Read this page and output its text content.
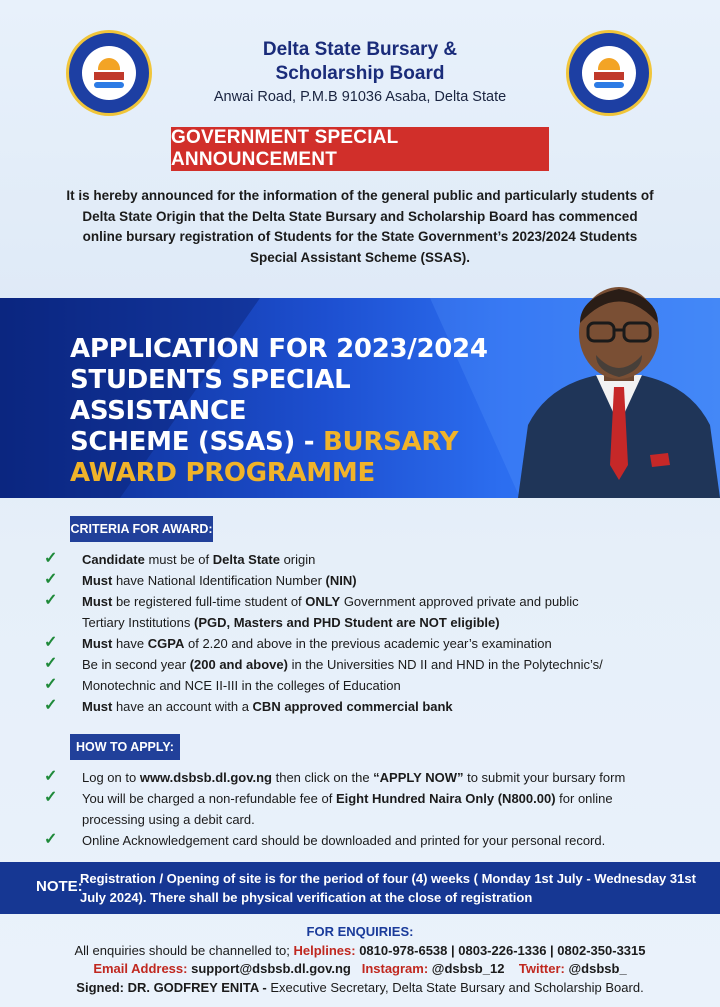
DSBSB
Delta State Bursary &
Scholarship Board
Anwai Road, P.M.B 91036 Asaba, Delta State
GOVERNMENT SPECIAL ANNOUNCEMENT
It is hereby announced for the information of the general public and particularly students of Delta State Origin that the Delta State Bursary and Scholarship Board has commenced online bursary registration of Students for the State Government’s 2023/2024 Students Special Assistant Scheme (SSAS).
APPLICATION FOR 2023/2024
STUDENTS SPECIAL ASSISTANCE
SCHEME (SSAS) - BURSARY
AWARD PROGRAMME
CRITERIA FOR AWARD:
✓ Candidate must be of Delta State origin
✓ Must have National Identification Number (NIN)
✓ Must be registered full-time student of ONLY Government approved private and public
Tertiary Institutions (PGD, Masters and PHD Student are NOT eligible)
✓ Must have CGPA of 2.20 and above in the previous academic year’s examination
✓ Be in second year (200 and above) in the Universities ND II and HND in the Polytechnic’s/
✓ Monotechnic and NCE II-III in the colleges of Education
✓ Must have an account with a CBN approved commercial bank
HOW TO APPLY:
✓ Log on to www.dsbsb.dl.gov.ng then click on the “APPLY NOW” to submit your bursary form
✓ You will be charged a non-refundable fee of Eight Hundred Naira Only (N800.00) for online
processing using a debit card.
✓ Online Acknowledgement card should be downloaded and printed for your personal record.
NOTE:
Registration / Opening of site is for the period of four (4) weeks ( Monday 1st July - Wednesday 31st July 2024). There shall be physical verification at the close of registration
FOR ENQUIRIES:
All enquiries should be channelled to; Helplines: 0810-978-6538 | 0803-226-1336 | 0802-350-3315
Email Address: support@dsbsb.dl.gov.ng Instagram: @dsbsb_12 Twitter: @dsbsb_
Signed: DR. GODFREY ENITA - Executive Secretary, Delta State Bursary and Scholarship Board.
